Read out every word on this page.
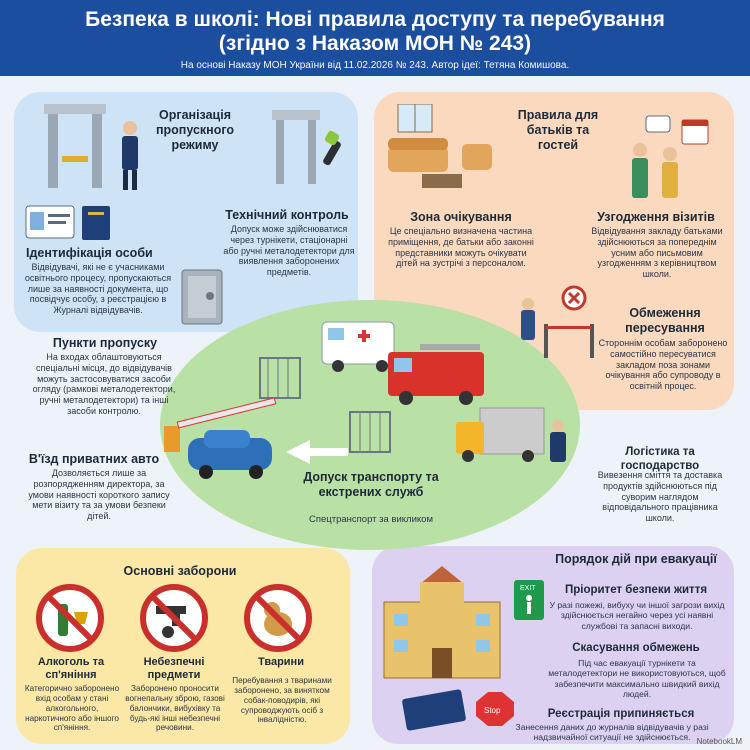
Безпека в школі: Нові правила доступу та перебування
(згідно з Наказом МОН № 243)
На основі Наказу МОН України від 11.02.2026 № 243. Автор ідеї: Тетяна Комишова.
Організація пропускного режиму
Технічний контроль
Допуск може здійснюватися через турнікети, стаціонарні або ручні металодетектори для виявлення заборонених предметів.
Ідентифікація особи
Відвідувачі, які не є учасниками освітнього процесу, пропускаються лише за наявності документа, що посвідчує особу, з реєстрацією в Журналі відвідувачів.
Пункти пропуску
На входах облаштовуються спеціальні місця, до відвідувачів можуть застосовуватися засоби огляду (рамкові металодетектори, ручні металодетектори) та інші засоби контролю.
В'їзд приватних авто
Дозволяється лише за розпорядженням директора, за умови наявності короткого запису мети візиту та за умови безпеки дітей.
Правила для батьків та гостей
Зона очікування
Це спеціально визначена частина приміщення, де батьки або законні представники можуть очікувати дітей на зустрічі з персоналом.
Узгодження візитів
Відвідування закладу батьками здійснюються за попереднім усним або письмовим узгодженням з керівництвом школи.
Обмеження пересування
Стороннім особам заборонено самостійно пересуватися закладом поза зонами очікування або супроводу в освітній процес.
Допуск транспорту та екстрених служб
Спецтранспорт за викликом
Логістика та господарство
Вивезення сміття та доставка продуктів здійснюються під суворим наглядом відповідального працівника школи.
Основні заборони
Алкоголь та сп'яніння
Категорично заборонено вхід особам у стані алкогольного, наркотичного або іншого сп'яніння.
Небезпечні предмети
Заборонено проносити вогнепальну зброю, газові балончики, вибухівку та будь-які інші небезпечні речовини.
Тварини
Перебування з тваринами заборонено, за винятком собак-поводирів, які супроводжують осіб з інвалідністю.
Порядок дій при евакуації
EXIT
Stop
Пріоритет безпеки життя
У разі пожежі, вибуху чи іншої загрози вихід здійснюється негайно через усі наявні службові та запасні виходи.
Скасування обмежень
Під час евакуації турнікети та металодетектори не використовуються, щоб забезпечити максимально швидкий вихід людей.
Реєстрація припиняється
Занесення даних до журналів відвідувачів у разі надзвичайної ситуації не здійснюється. NotebookLM
